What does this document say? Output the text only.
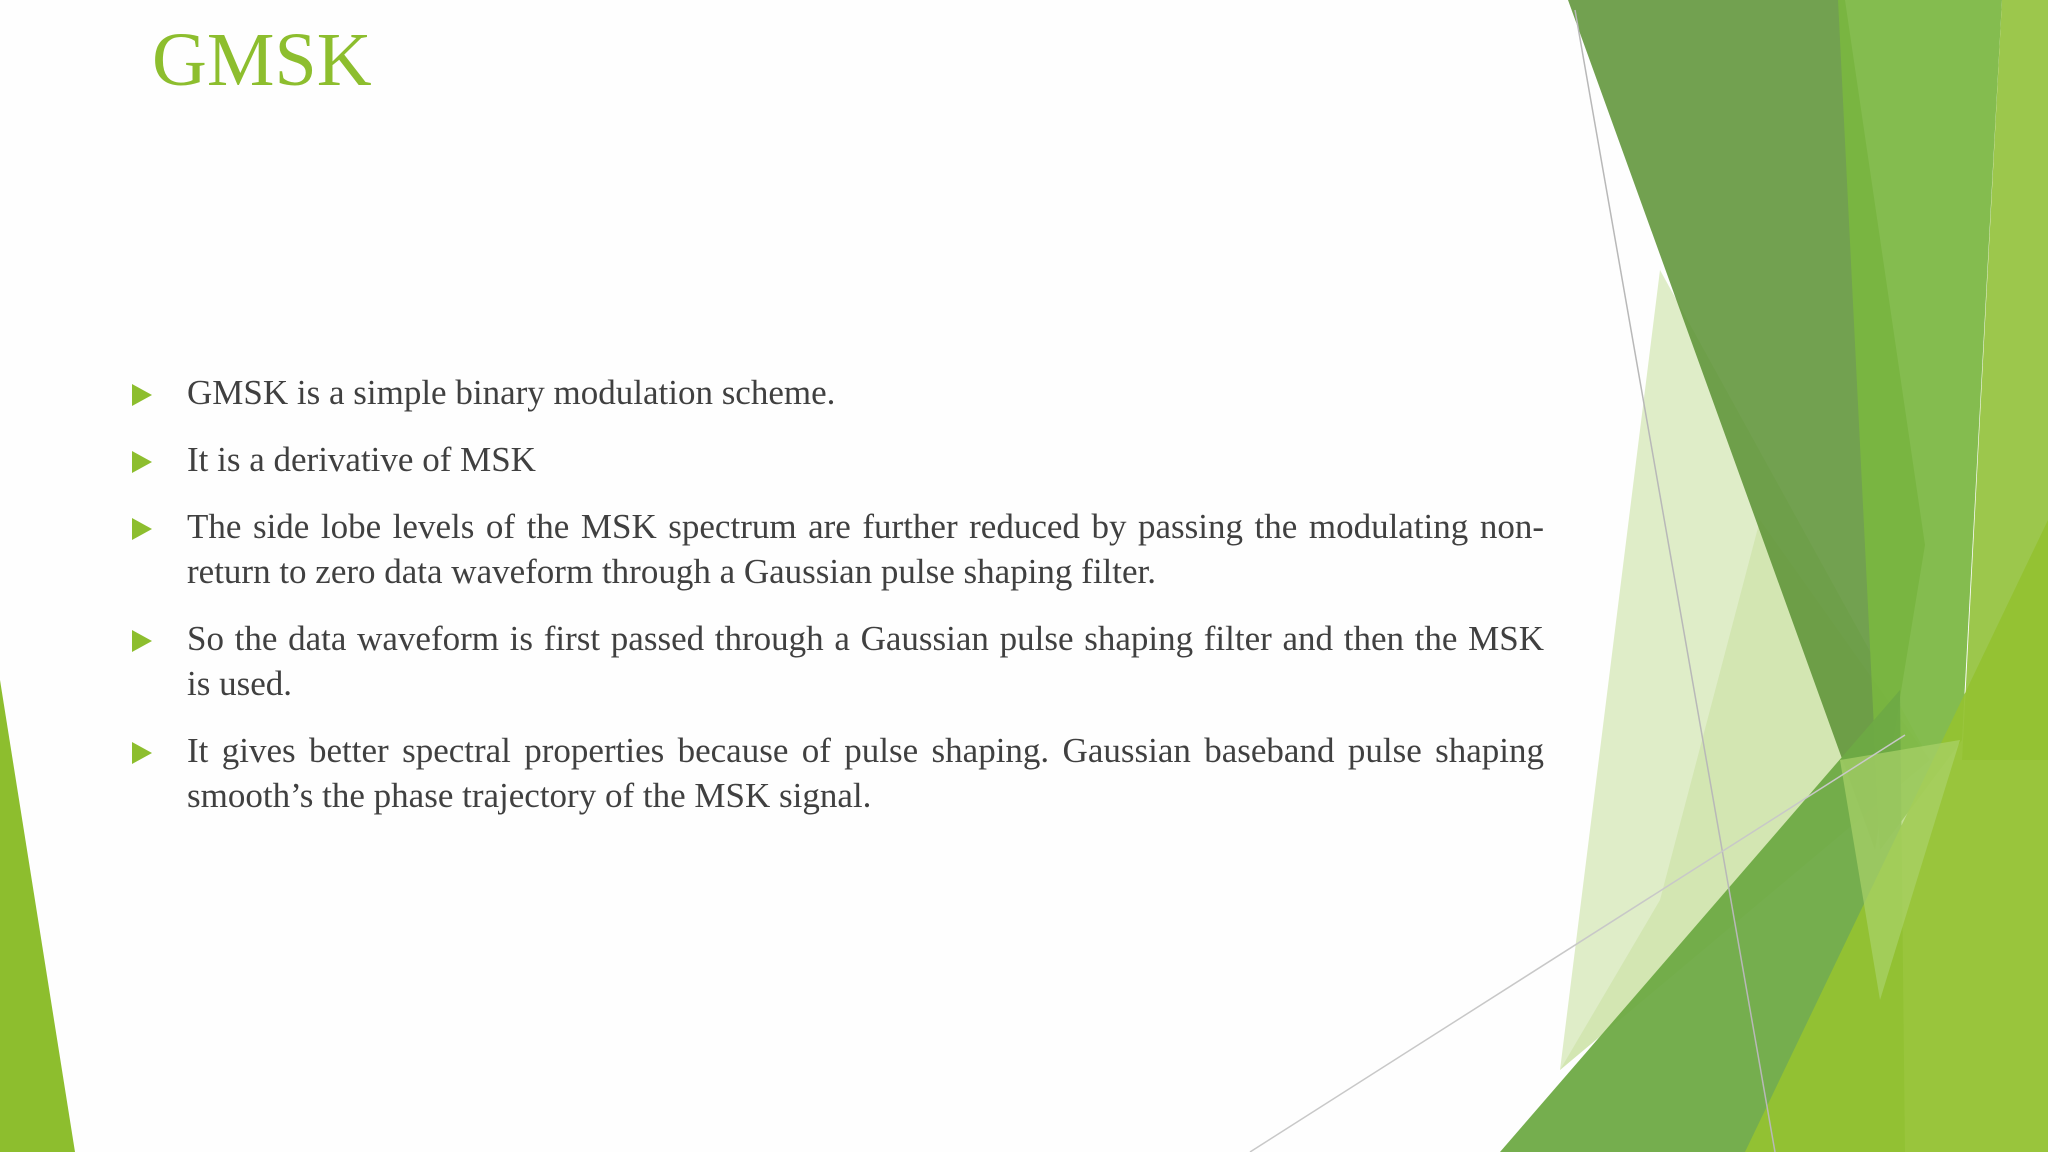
GMSK
GMSK is a simple binary modulation scheme.
It is a derivative of MSK
The side lobe levels of the MSK spectrum are further reduced by passing the modulating non-return to zero data waveform through a Gaussian pulse shaping filter.
So the data waveform is first passed through a Gaussian pulse shaping filter and then the MSK is used.
It gives better spectral properties because of pulse shaping. Gaussian baseband pulse shaping smooth’s the phase trajectory of the MSK signal.
